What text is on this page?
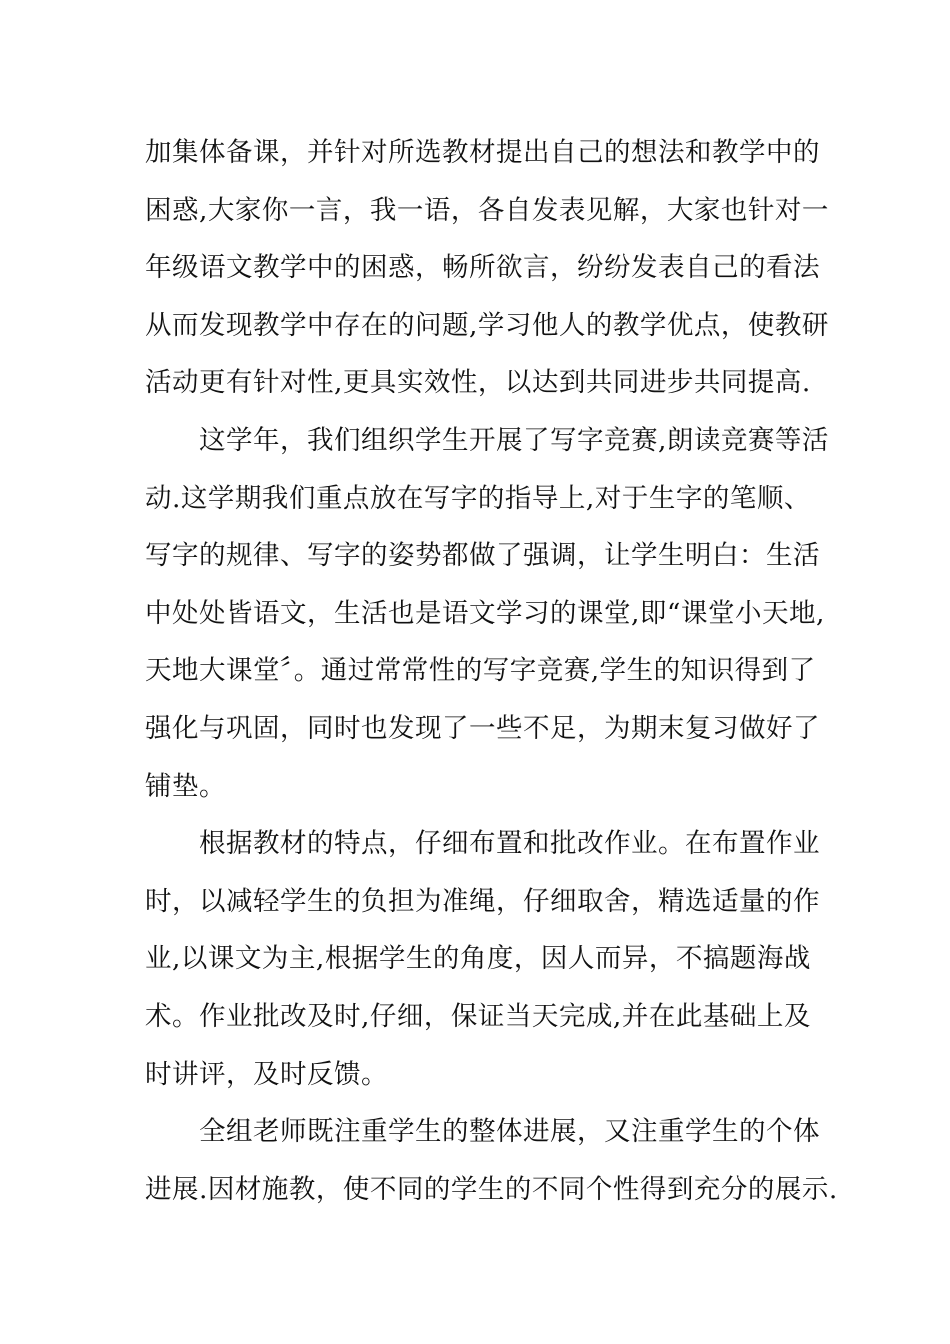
加集体备课，并针对所选教材提出自己的想法和教学中的
困惑,大家你一言，我一语，各自发表见解，大家也针对一
年级语文教学中的困惑，畅所欲言，纷纷发表自己的看法
从而发现教学中存在的问题,学习他人的教学优点，使教研
活动更有针对性,更具实效性，以达到共同进步共同提高.
这学年，我们组织学生开展了写字竞赛,朗读竞赛等活
动.这学期我们重点放在写字的指导上,对于生字的笔顺、
写字的规律、写字的姿势都做了强调，让学生明白：生活
中处处皆语文，生活也是语文学习的课堂,即“课堂小天地,
天地大课堂〞。通过常常性的写字竞赛,学生的知识得到了
强化与巩固，同时也发现了一些不足，为期末复习做好了
铺垫。
根据教材的特点，仔细布置和批改作业。在布置作业
时，以减轻学生的负担为准绳，仔细取舍，精选适量的作
业,以课文为主,根据学生的角度，因人而异，不搞题海战
术。作业批改及时,仔细，保证当天完成,并在此基础上及
时讲评，及时反馈。
全组老师既注重学生的整体进展，又注重学生的个体
进展.因材施教，使不同的学生的不同个性得到充分的展示.
